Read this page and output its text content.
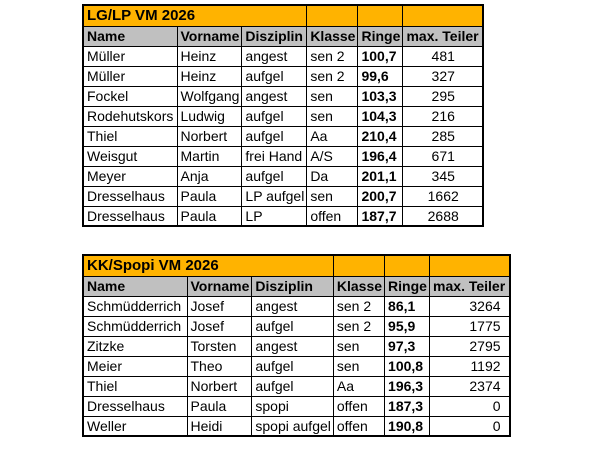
LG/LP VM 2026					
Name	Vorname	Disziplin	Klasse	Ringe	max. Teiler
Müller	Heinz	angest	sen 2	100,7	481
Müller	Heinz	aufgel	sen 2	99,6	327
Fockel	Wolfgang	angest	sen	103,3	295
Rodehutskors	Ludwig	aufgel	sen	104,3	216
Thiel	Norbert	aufgel	Aa	210,4	285
Weisgut	Martin	frei Hand	A/S	196,4	671
Meyer	Anja	aufgel	Da	201,1	345
Dresselhaus	Paula	LP aufgel	sen	200,7	1662
Dresselhaus	Paula	LP	offen	187,7	2688
KK/Spopi VM 2026					
Name	Vorname	Disziplin	Klasse	Ringe	max. Teiler
Schmüdderrich	Josef	angest	sen 2	86,1	3264
Schmüdderrich	Josef	aufgel	sen 2	95,9	1775
Zitzke	Torsten	angest	sen	97,3	2795
Meier	Theo	aufgel	sen	100,8	1192
Thiel	Norbert	aufgel	Aa	196,3	2374
Dresselhaus	Paula	spopi	offen	187,3	0
Weller	Heidi	spopi aufgel	offen	190,8	0
